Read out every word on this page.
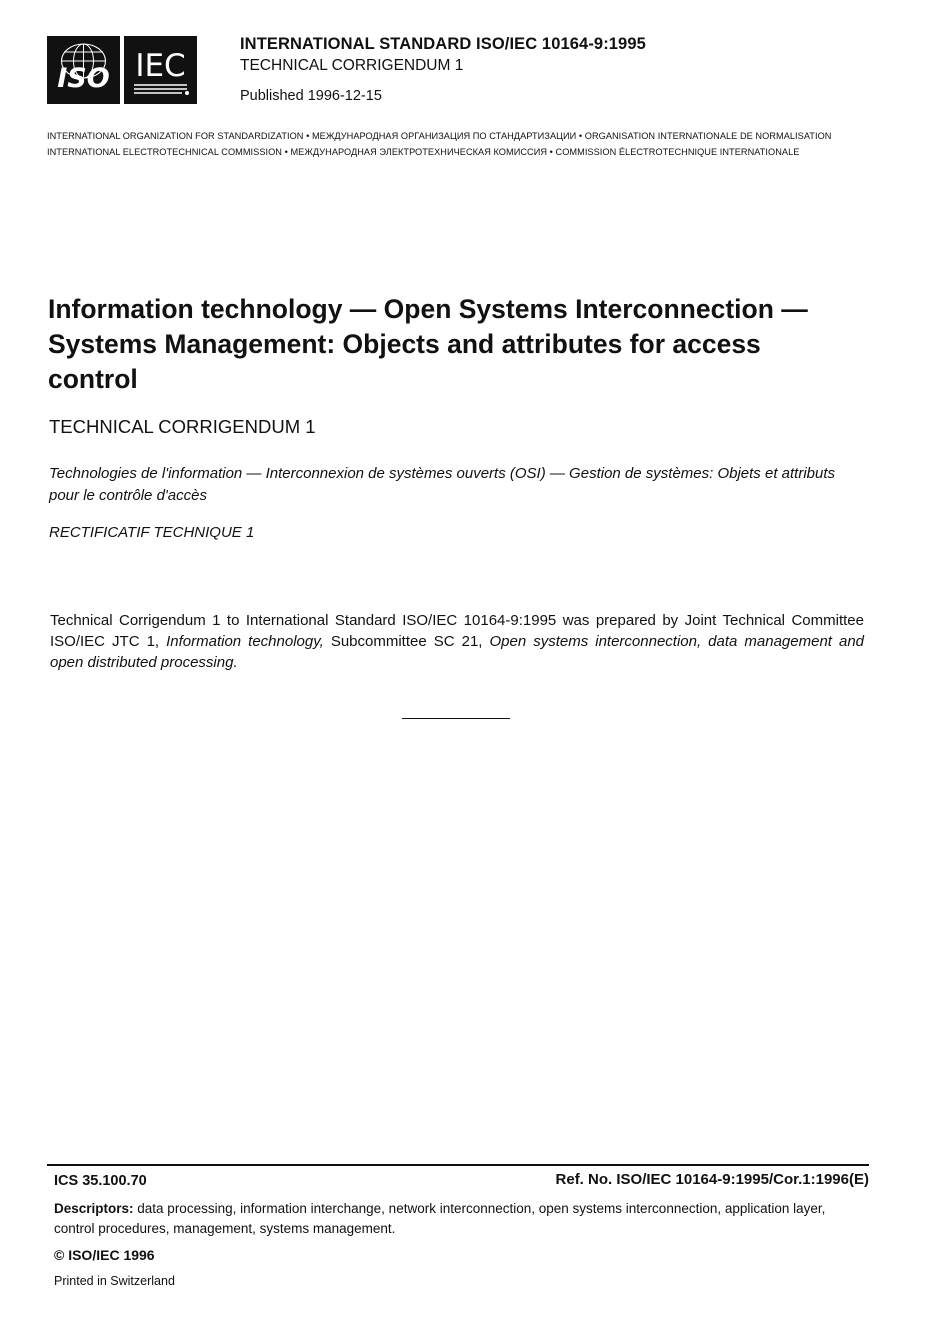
ISO IEC
INTERNATIONAL STANDARD ISO/IEC 10164-9:1995
TECHNICAL CORRIGENDUM 1
Published 1996-12-15
INTERNATIONAL ORGANIZATION FOR STANDARDIZATION • МЕЖДУНАРОДНАЯ ОРГАНИЗАЦИЯ ПО СТАНДАРТИЗАЦИИ • ORGANISATION INTERNATIONALE DE NORMALISATION
INTERNATIONAL ELECTROTECHNICAL COMMISSION • МЕЖДУНАРОДНАЯ ЭЛЕКТРОТЕХНИЧЕСКАЯ КОМИССИЯ • COMMISSION ÉLECTROTECHNIQUE INTERNATIONALE
Information technology — Open Systems Interconnection — Systems Management: Objects and attributes for access control
TECHNICAL CORRIGENDUM 1
Technologies de l'information — Interconnexion de systèmes ouverts (OSI) — Gestion de systèmes: Objets et attributs pour le contrôle d'accès
RECTIFICATIF TECHNIQUE 1
Technical Corrigendum 1 to International Standard ISO/IEC 10164-9:1995 was prepared by Joint Technical Committee ISO/IEC JTC 1, Information technology, Subcommittee SC 21, Open systems interconnection, data management and open distributed processing.
ICS 35.100.70	Ref. No. ISO/IEC 10164-9:1995/Cor.1:1996(E)
Descriptors: data processing, information interchange, network interconnection, open systems interconnection, application layer, control procedures, management, systems management.
© ISO/IEC 1996
Printed in Switzerland
